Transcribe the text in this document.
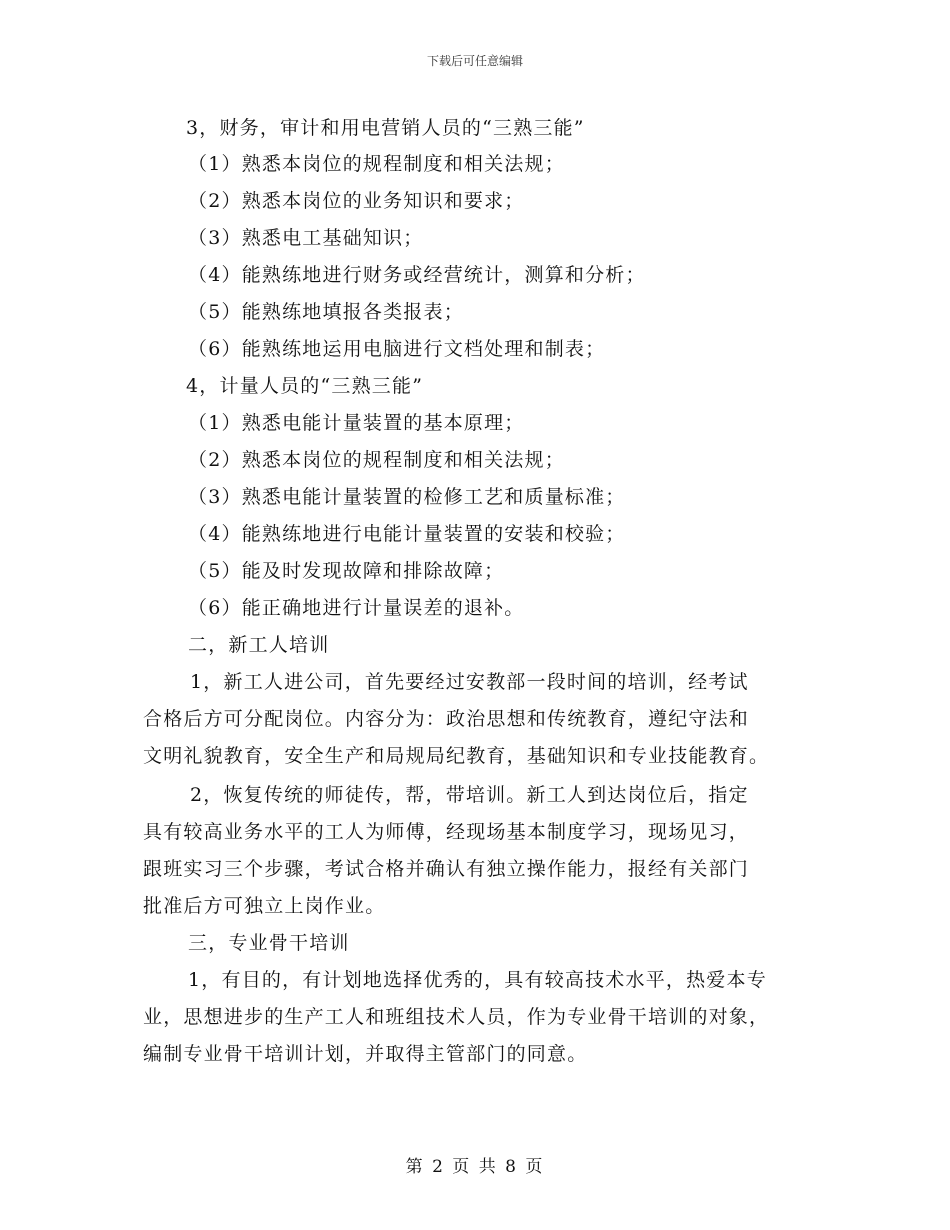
下载后可任意编辑
3，财务，审计和用电营销人员的“三熟三能”
（1）熟悉本岗位的规程制度和相关法规；
（2）熟悉本岗位的业务知识和要求；
（3）熟悉电工基础知识；
（4）能熟练地进行财务或经营统计，测算和分析；
（5）能熟练地填报各类报表；
（6）能熟练地运用电脑进行文档处理和制表；
4，计量人员的“三熟三能”
（1）熟悉电能计量装置的基本原理；
（2）熟悉本岗位的规程制度和相关法规；
（3）熟悉电能计量装置的检修工艺和质量标准；
（4）能熟练地进行电能计量装置的安装和校验；
（5）能及时发现故障和排除故障；
（6）能正确地进行计量误差的退补。
二，新工人培训
1，新工人进公司，首先要经过安教部一段时间的培训，经考试
合格后方可分配岗位。内容分为：政治思想和传统教育，遵纪守法和
文明礼貌教育，安全生产和局规局纪教育，基础知识和专业技能教育。
2，恢复传统的师徒传，帮，带培训。新工人到达岗位后，指定
具有较高业务水平的工人为师傅，经现场基本制度学习，现场见习，
跟班实习三个步骤，考试合格并确认有独立操作能力，报经有关部门
批准后方可独立上岗作业。
三，专业骨干培训
1，有目的，有计划地选择优秀的，具有较高技术水平，热爱本专
业，思想进步的生产工人和班组技术人员，作为专业骨干培训的对象，
编制专业骨干培训计划，并取得主管部门的同意。
第 2 页 共 8 页
